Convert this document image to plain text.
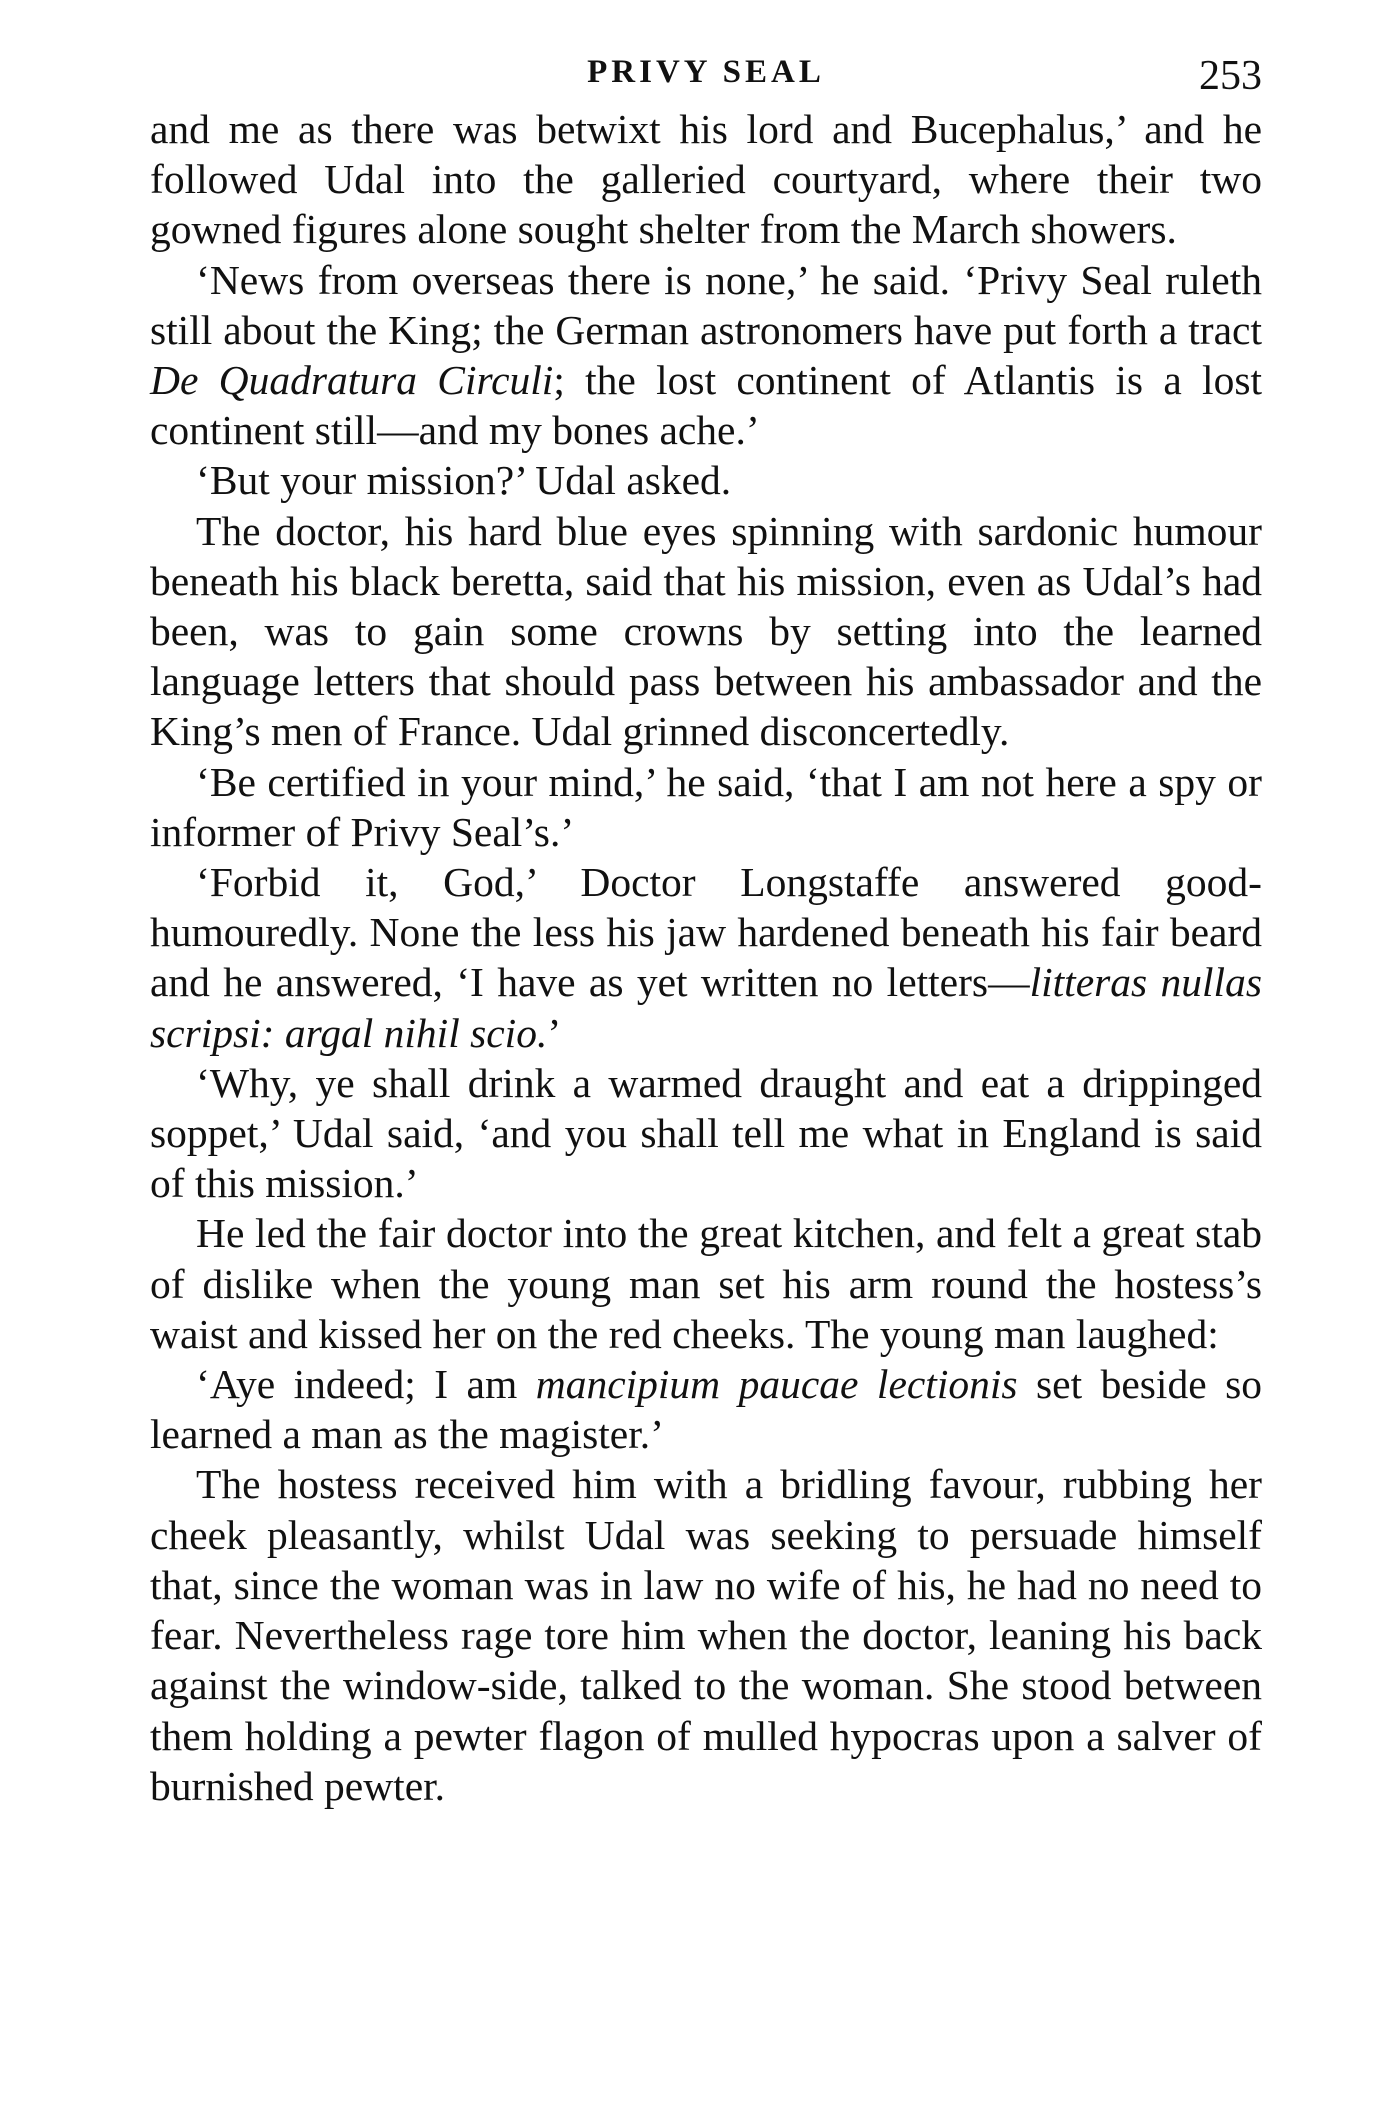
PRIVY SEAL	253

and me as there was betwixt his lord and Bucephalus,’ and he followed Udal into the galleried courtyard, where their two gowned figures alone sought shelter from the March showers.

‘News from overseas there is none,’ he said. ‘Privy Seal ruleth still about the King; the German astronomers have put forth a tract De Quadratura Circuli; the lost continent of Atlantis is a lost continent still—and my bones ache.’

‘But your mission?’ Udal asked.

The doctor, his hard blue eyes spinning with sardonic humour beneath his black beretta, said that his mission, even as Udal’s had been, was to gain some crowns by setting into the learned language letters that should pass between his ambassador and the King’s men of France. Udal grinned disconcertedly.

‘Be certified in your mind,’ he said, ‘that I am not here a spy or informer of Privy Seal’s.’

‘Forbid it, God,’ Doctor Longstaffe answered good-humouredly. None the less his jaw hardened beneath his fair beard and he answered, ‘I have as yet written no letters—litteras nullas scripsi: argal nihil scio.’

‘Why, ye shall drink a warmed draught and eat a drippinged soppet,’ Udal said, ‘and you shall tell me what in England is said of this mission.’

He led the fair doctor into the great kitchen, and felt a great stab of dislike when the young man set his arm round the hostess’s waist and kissed her on the red cheeks. The young man laughed:

‘Aye indeed; I am mancipium paucae lectionis set beside so learned a man as the magister.’

The hostess received him with a bridling favour, rubbing her cheek pleasantly, whilst Udal was seeking to persuade himself that, since the woman was in law no wife of his, he had no need to fear. Nevertheless rage tore him when the doctor, leaning his back against the window-side, talked to the woman. She stood between them holding a pewter flagon of mulled hypocras upon a salver of burnished pewter.
